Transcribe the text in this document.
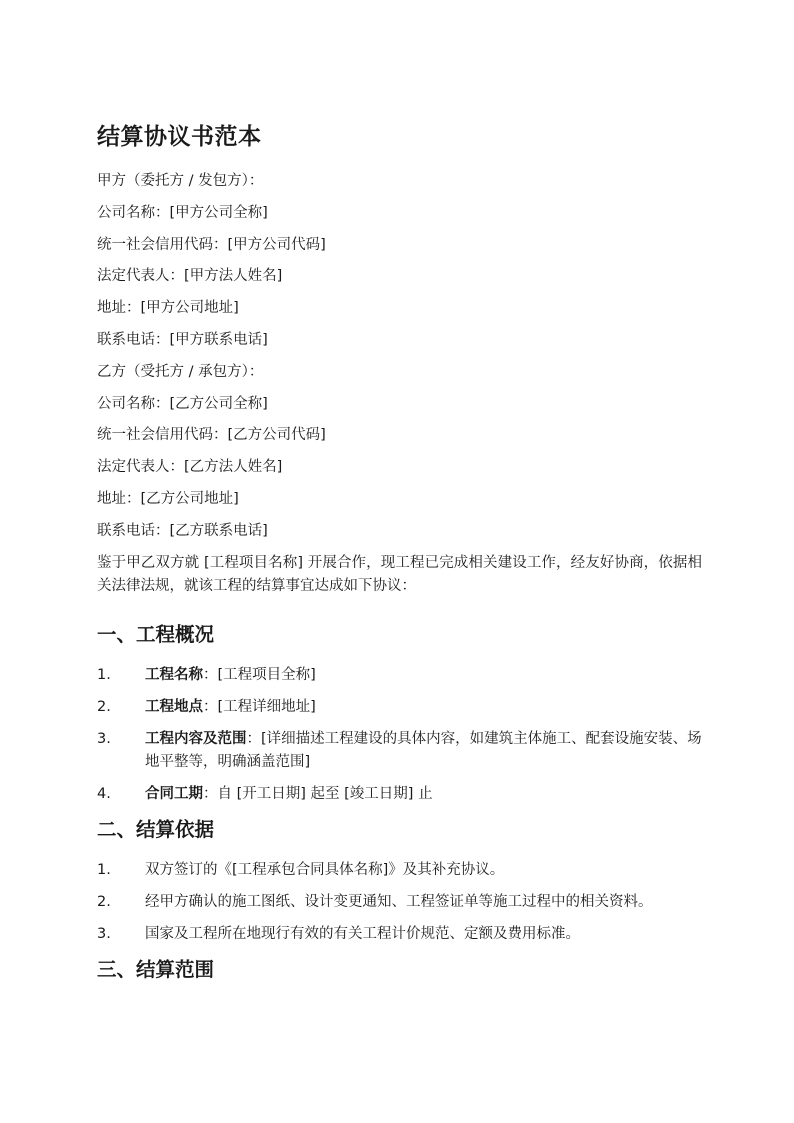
结算协议书范本
甲方（委托方 / 发包方）：
公司名称：[甲方公司全称]
统一社会信用代码：[甲方公司代码]
法定代表人：[甲方法人姓名]
地址：[甲方公司地址]
联系电话：[甲方联系电话]
乙方（受托方 / 承包方）：
公司名称：[乙方公司全称]
统一社会信用代码：[乙方公司代码]
法定代表人：[乙方法人姓名]
地址：[乙方公司地址]
联系电话：[乙方联系电话]

鉴于甲乙双方就 [工程项目名称] 开展合作，现工程已完成相关建设工作，经友好协商，依据相关法律法规，就该工程的结算事宜达成如下协议：

一、工程概况
1. 工程名称：[工程项目全称]
2. 工程地点：[工程详细地址]
3. 工程内容及范围：[详细描述工程建设的具体内容，如建筑主体施工、配套设施安装、场地平整等，明确涵盖范围]
4. 合同工期：自 [开工日期] 起至 [竣工日期] 止
二、结算依据
1. 双方签订的《[工程承包合同具体名称]》及其补充协议。
2. 经甲方确认的施工图纸、设计变更通知、工程签证单等施工过程中的相关资料。
3. 国家及工程所在地现行有效的有关工程计价规范、定额及费用标准。
三、结算范围
